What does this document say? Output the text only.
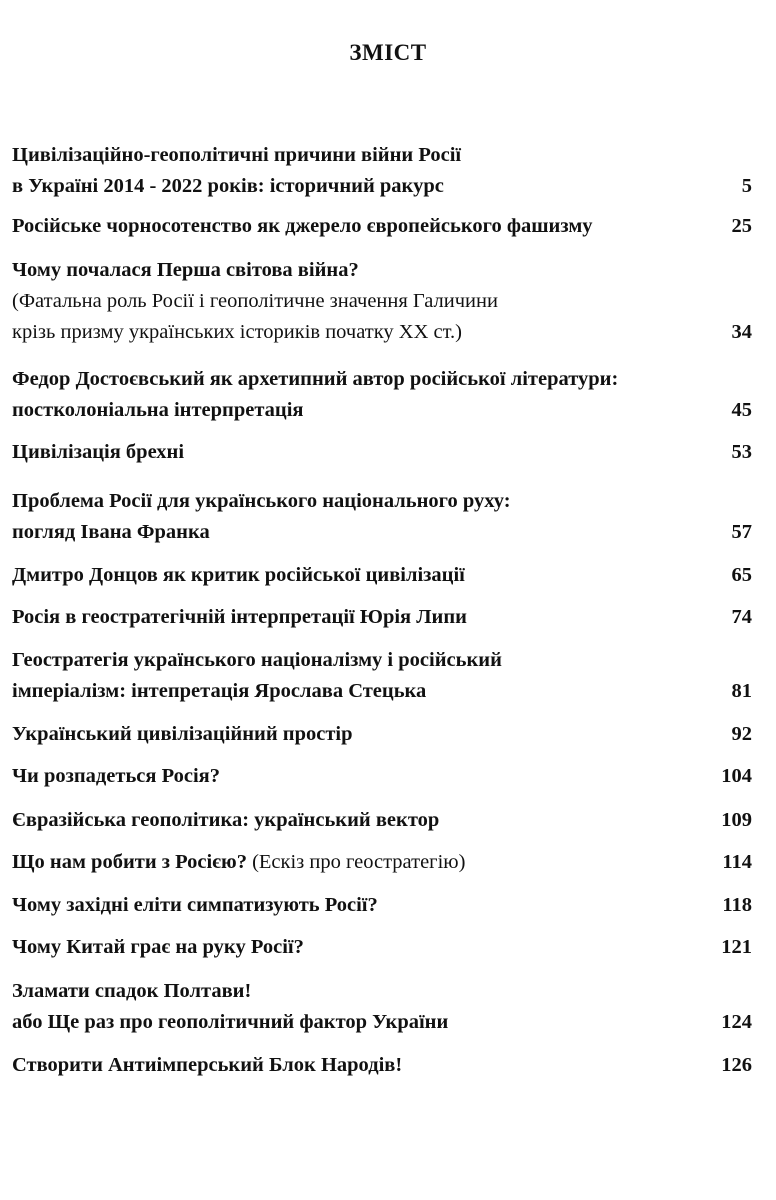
ЗМІСТ
Цивілізаційно-геополітичні причини війни Росії
в Україні 2014 - 2022 років: історичний ракурс	5
Російське чорносотенство як джерело європейського фашизму	25
Чому почалася Перша світова війна?
(Фатальна роль Росії і геополітичне значення Галичини
крізь призму українських істориків початку ХХ ст.)	34
Федор Достоєвський як архетипний автор російської літератури:
постколоніальна інтерпретація	45
Цивілізація брехні	53
Проблема Росії для українського національного руху:
погляд Івана Франка	57
Дмитро Донцов як критик російської цивілізації	65
Росія в геостратегічній інтерпретації Юрія Липи	74
Геостратегія українського націоналізму і російський
імперіалізм: інтепретація Ярослава Стецька	81
Український цивілізаційний простір	92
Чи розпадеться Росія?	104
Євразійська геополітика: український вектор	109
Що нам робити з Росією? (Ескіз про геостратегію)	114
Чому західні еліти симпатизують Росії?	118
Чому Китай грає на руку Росії?	121
Зламати спадок Полтави!
або Ще раз про геополітичний фактор України	124
Створити Антиімперський Блок Народів!	126
